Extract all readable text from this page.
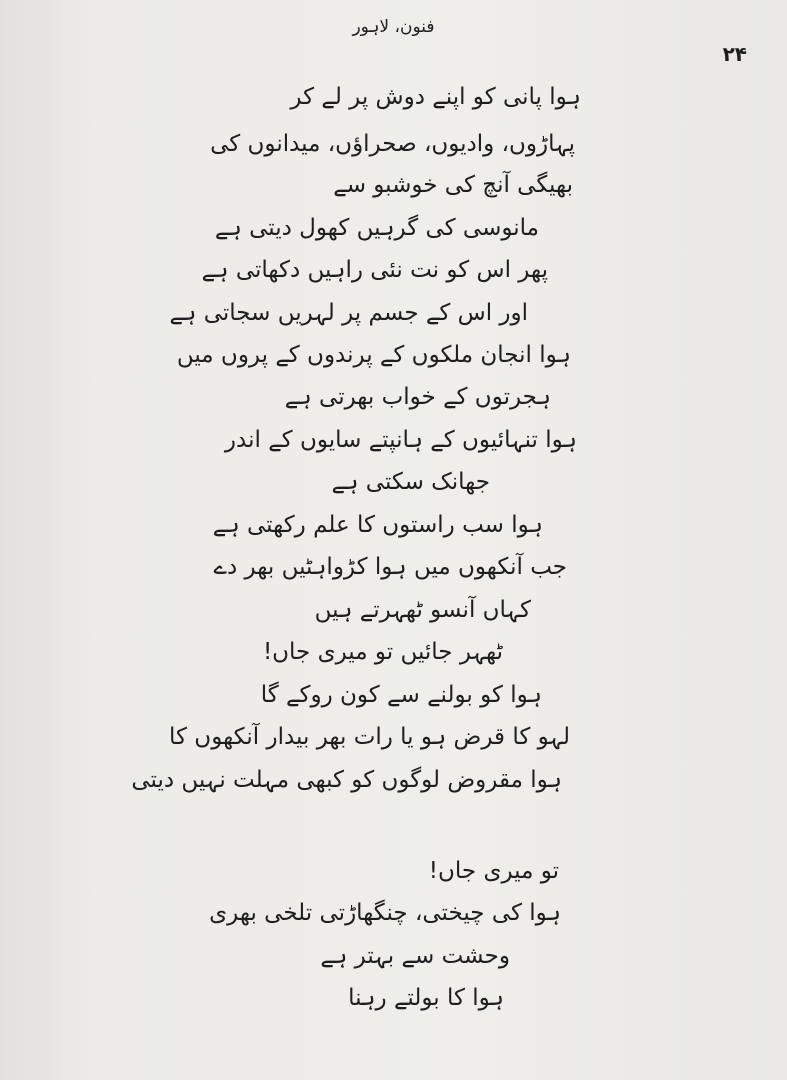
فنون، لاہور
۲۴
ہوا پانی کو اپنے دوش پر لے کر
پہاڑوں، وادیوں، صحراؤں، میدانوں کی
بھیگی آنچ کی خوشبو سے
مانوسی کی گرہیں کھول دیتی ہے
پھر اس کو نت نئی راہیں دکھاتی ہے
اور اس کے جسم پر لہریں سجاتی ہے
ہوا انجان ملکوں کے پرندوں کے پروں میں
ہجرتوں کے خواب بھرتی ہے
ہوا تنہائیوں کے ہانپتے سایوں کے اندر
جھانک سکتی ہے
ہوا سب راستوں کا علم رکھتی ہے
جب آنکھوں میں ہوا کڑواہٹیں بھر دے
کہاں آنسو ٹھہرتے ہیں
ٹھہر جائیں تو میری جاں!
ہوا کو بولنے سے کون روکے گا
لہو کا قرض ہو یا رات بھر بیدار آنکھوں کا
ہوا مقروض لوگوں کو کبھی مہلت نہیں دیتی
تو میری جاں!
ہوا کی چیختی، چنگھاڑتی تلخی بھری
وحشت سے بہتر ہے
ہوا کا بولتے رہنا
